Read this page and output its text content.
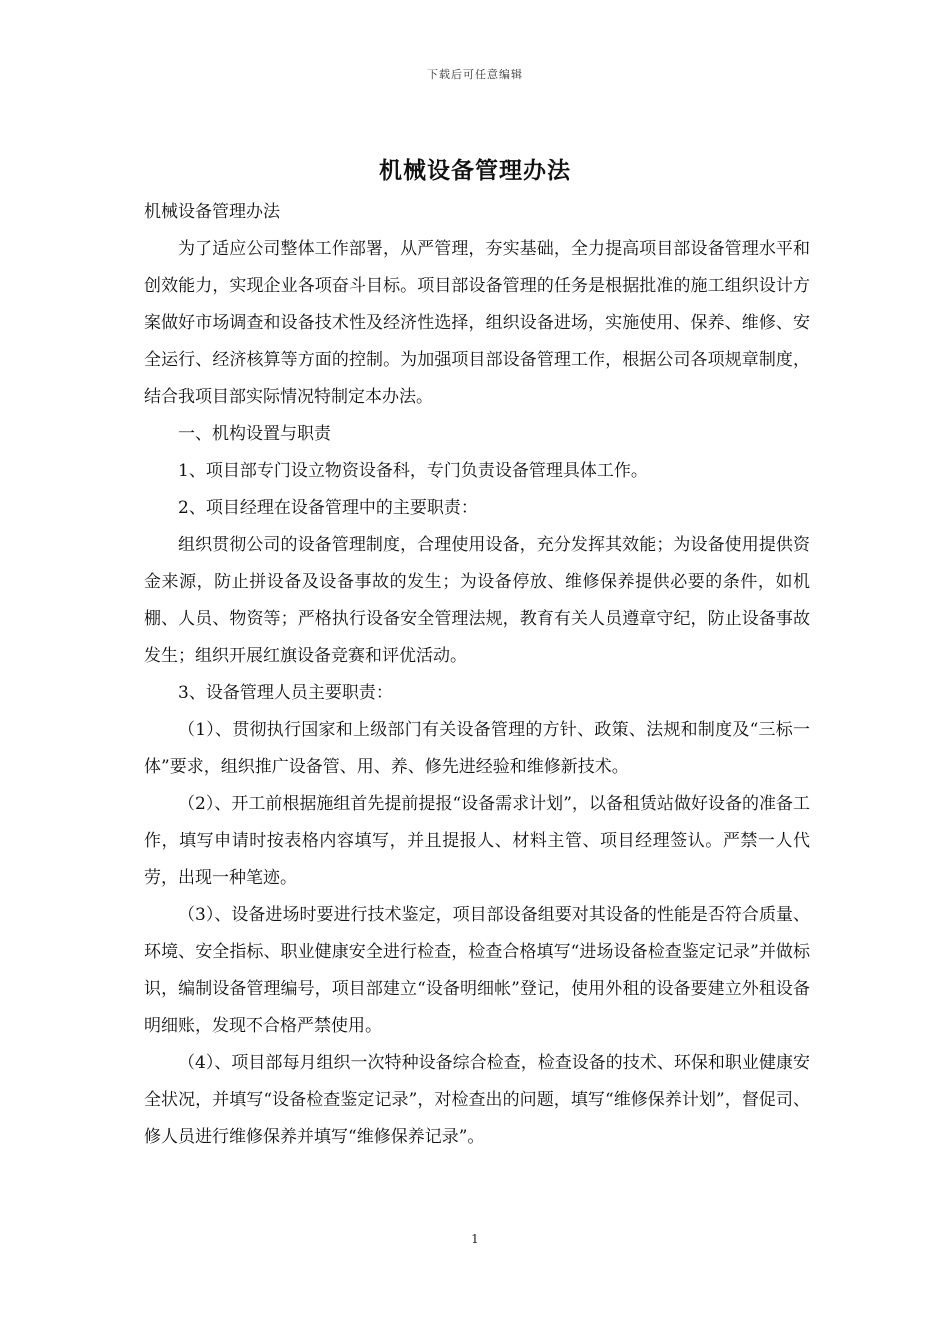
下载后可任意编辑
机械设备管理办法

机械设备管理办法

为了适应公司整体工作部署，从严管理，夯实基础，全力提高项目部设备管理水平和创效能力，实现企业各项奋斗目标。项目部设备管理的任务是根据批准的施工组织设计方案做好市场调查和设备技术性及经济性选择，组织设备进场，实施使用、保养、维修、安全运行、经济核算等方面的控制。为加强项目部设备管理工作，根据公司各项规章制度，结合我项目部实际情况特制定本办法。

一、机构设置与职责

1、项目部专门设立物资设备科，专门负责设备管理具体工作。

2、项目经理在设备管理中的主要职责：

组织贯彻公司的设备管理制度，合理使用设备，充分发挥其效能；为设备使用提供资金来源，防止拼设备及设备事故的发生；为设备停放、维修保养提供必要的条件，如机棚、人员、物资等；严格执行设备安全管理法规，教育有关人员遵章守纪，防止设备事故发生；组织开展红旗设备竞赛和评优活动。

3、设备管理人员主要职责：

（1）、贯彻执行国家和上级部门有关设备管理的方针、政策、法规和制度及“三标一体”要求，组织推广设备管、用、养、修先进经验和维修新技术。

（2）、开工前根据施组首先提前提报“设备需求计划”，以备租赁站做好设备的准备工作，填写申请时按表格内容填写，并且提报人、材料主管、项目经理签认。严禁一人代劳，出现一种笔迹。

（3）、设备进场时要进行技术鉴定，项目部设备组要对其设备的性能是否符合质量、环境、安全指标、职业健康安全进行检查，检查合格填写“进场设备检查鉴定记录”并做标识，编制设备管理编号，项目部建立“设备明细帐”登记，使用外租的设备要建立外租设备明细账，发现不合格严禁使用。

（4）、项目部每月组织一次特种设备综合检查，检查设备的技术、环保和职业健康安全状况，并填写“设备检查鉴定记录”，对检查出的问题，填写“维修保养计划”，督促司、修人员进行维修保养并填写“维修保养记录”。

1
